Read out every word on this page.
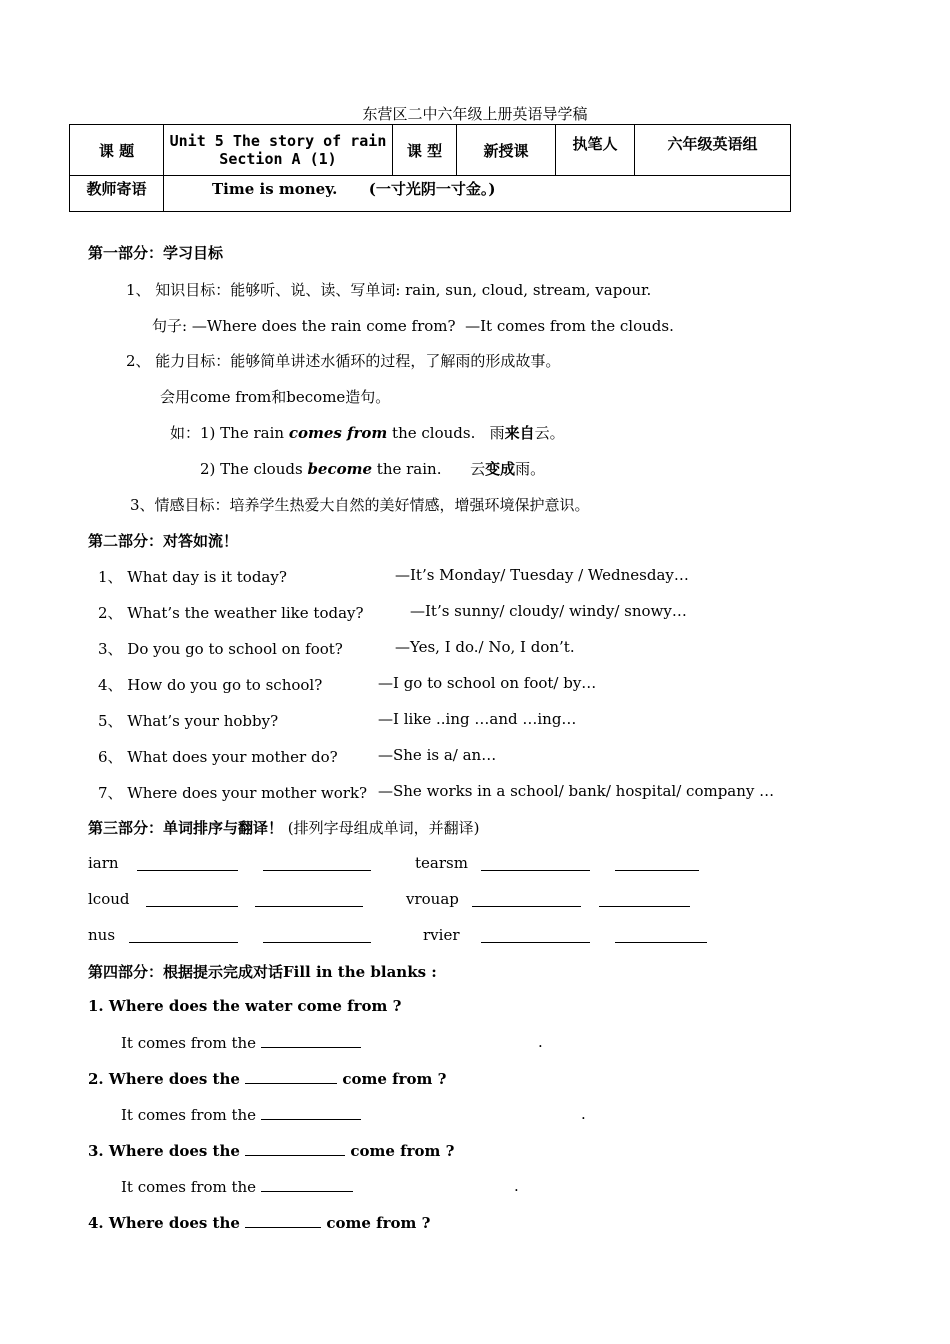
东营区二中六年级上册英语导学稿
课 题	Unit 5 The story of rain
Section A (1)	课 型	新授课	执笔人	六年级英语组
教师寄语	Time is money.      (一寸光阴一寸金。)				
第一部分：学习目标
1、 知识目标：能够听、说、读、写单词: rain, sun, cloud, stream, vapour.
句子: —Where does the rain come from?  —It comes from the clouds.
2、 能力目标：能够简单讲述水循环的过程，了解雨的形成故事。
会用come from和become造句。
如：1) The rain comes from the clouds.   雨来自云。
2) The clouds become the rain.      云变成雨。
3、情感目标：培养学生热爱大自然的美好情感，增强环境保护意识。
第二部分：对答如流！
1、 What day is it today?	—It’s Monday/ Tuesday / Wednesday…
2、 What’s the weather like today?	—It’s sunny/ cloudy/ windy/ snowy…
3、 Do you go to school on foot?	—Yes, I do./ No, I don’t.
4、 How do you go to school?	—I go to school on foot/ by…
5、 What’s your hobby?	—I like ..ing …and …ing…
6、 What does your mother do?	—She is a/ an…
7、 Where does your mother work? —She works in a school/ bank/ hospital/ company …
第三部分：单词排序与翻译！ (排列字母组成单词，并翻译)
iarn	tearsm
lcoud	vrouap
nus	rvier
第四部分：根据提示完成对话Fill in the blanks :
1. Where does the water come from ?
It comes from the	.
2. Where does the	come from ?
It comes from the	.
3. Where does the	come from ?
It comes from the	.
4. Where does the	come from ?
